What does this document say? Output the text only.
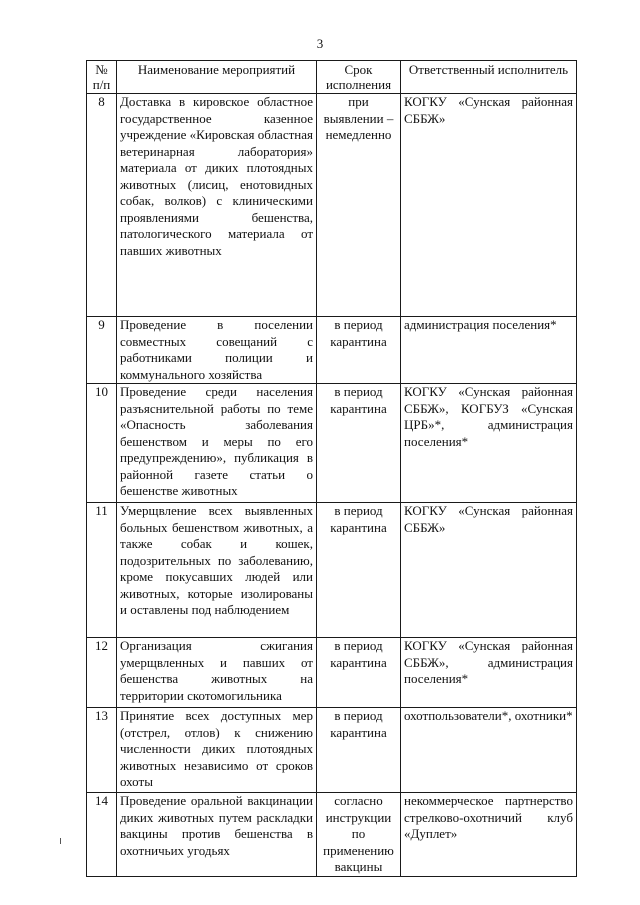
3
№ п/п	Наименование мероприятий	Срок исполнения	Ответственный исполнитель
8	Доставка в кировское областное государственное казенное учреждение «Кировская областная ветеринарная лаборатория» материала от диких плотоядных животных (лисиц, енотовидных собак, волков) с клиническими проявлениями бешенства, патологического материала от павших животных	при выявлении – немедленно	КОГКУ «Сунская районная СББЖ»
9	Проведение в поселении совместных совещаний с работниками полиции и коммунального хозяйства	в период карантина	администрация поселения*
10	Проведение среди населения разъяснительной работы по теме «Опасность заболевания бешенством и меры по его предупреждению», публикация в районной газете статьи о бешенстве животных	в период карантина	КОГКУ «Сунская районная СББЖ», КОГБУЗ «Сунская ЦРБ»*, администрация поселения*
11	Умерщвление всех выявленных больных бешенством животных, а также собак и кошек, подозрительных по заболеванию, кроме покусавших людей или животных, которые изолированы и оставлены под наблюдением	в период карантина	КОГКУ «Сунская районная СББЖ»
12	Организация сжигания умерщвленных и павших от бешенства животных на территории скотомогильника	в период карантина	КОГКУ «Сунская районная СББЖ», администрация поселения*
13	Принятие всех доступных мер (отстрел, отлов) к снижению численности диких плотоядных животных независимо от сроков охоты	в период карантина	охотпользователи*, охотники*
14	Проведение оральной вакцинации диких животных путем раскладки вакцины против бешенства в охотничьих угодьях	согласно инструкции по применению вакцины	некоммерческое партнерство стрелково-охотничий клуб «Дуплет»
